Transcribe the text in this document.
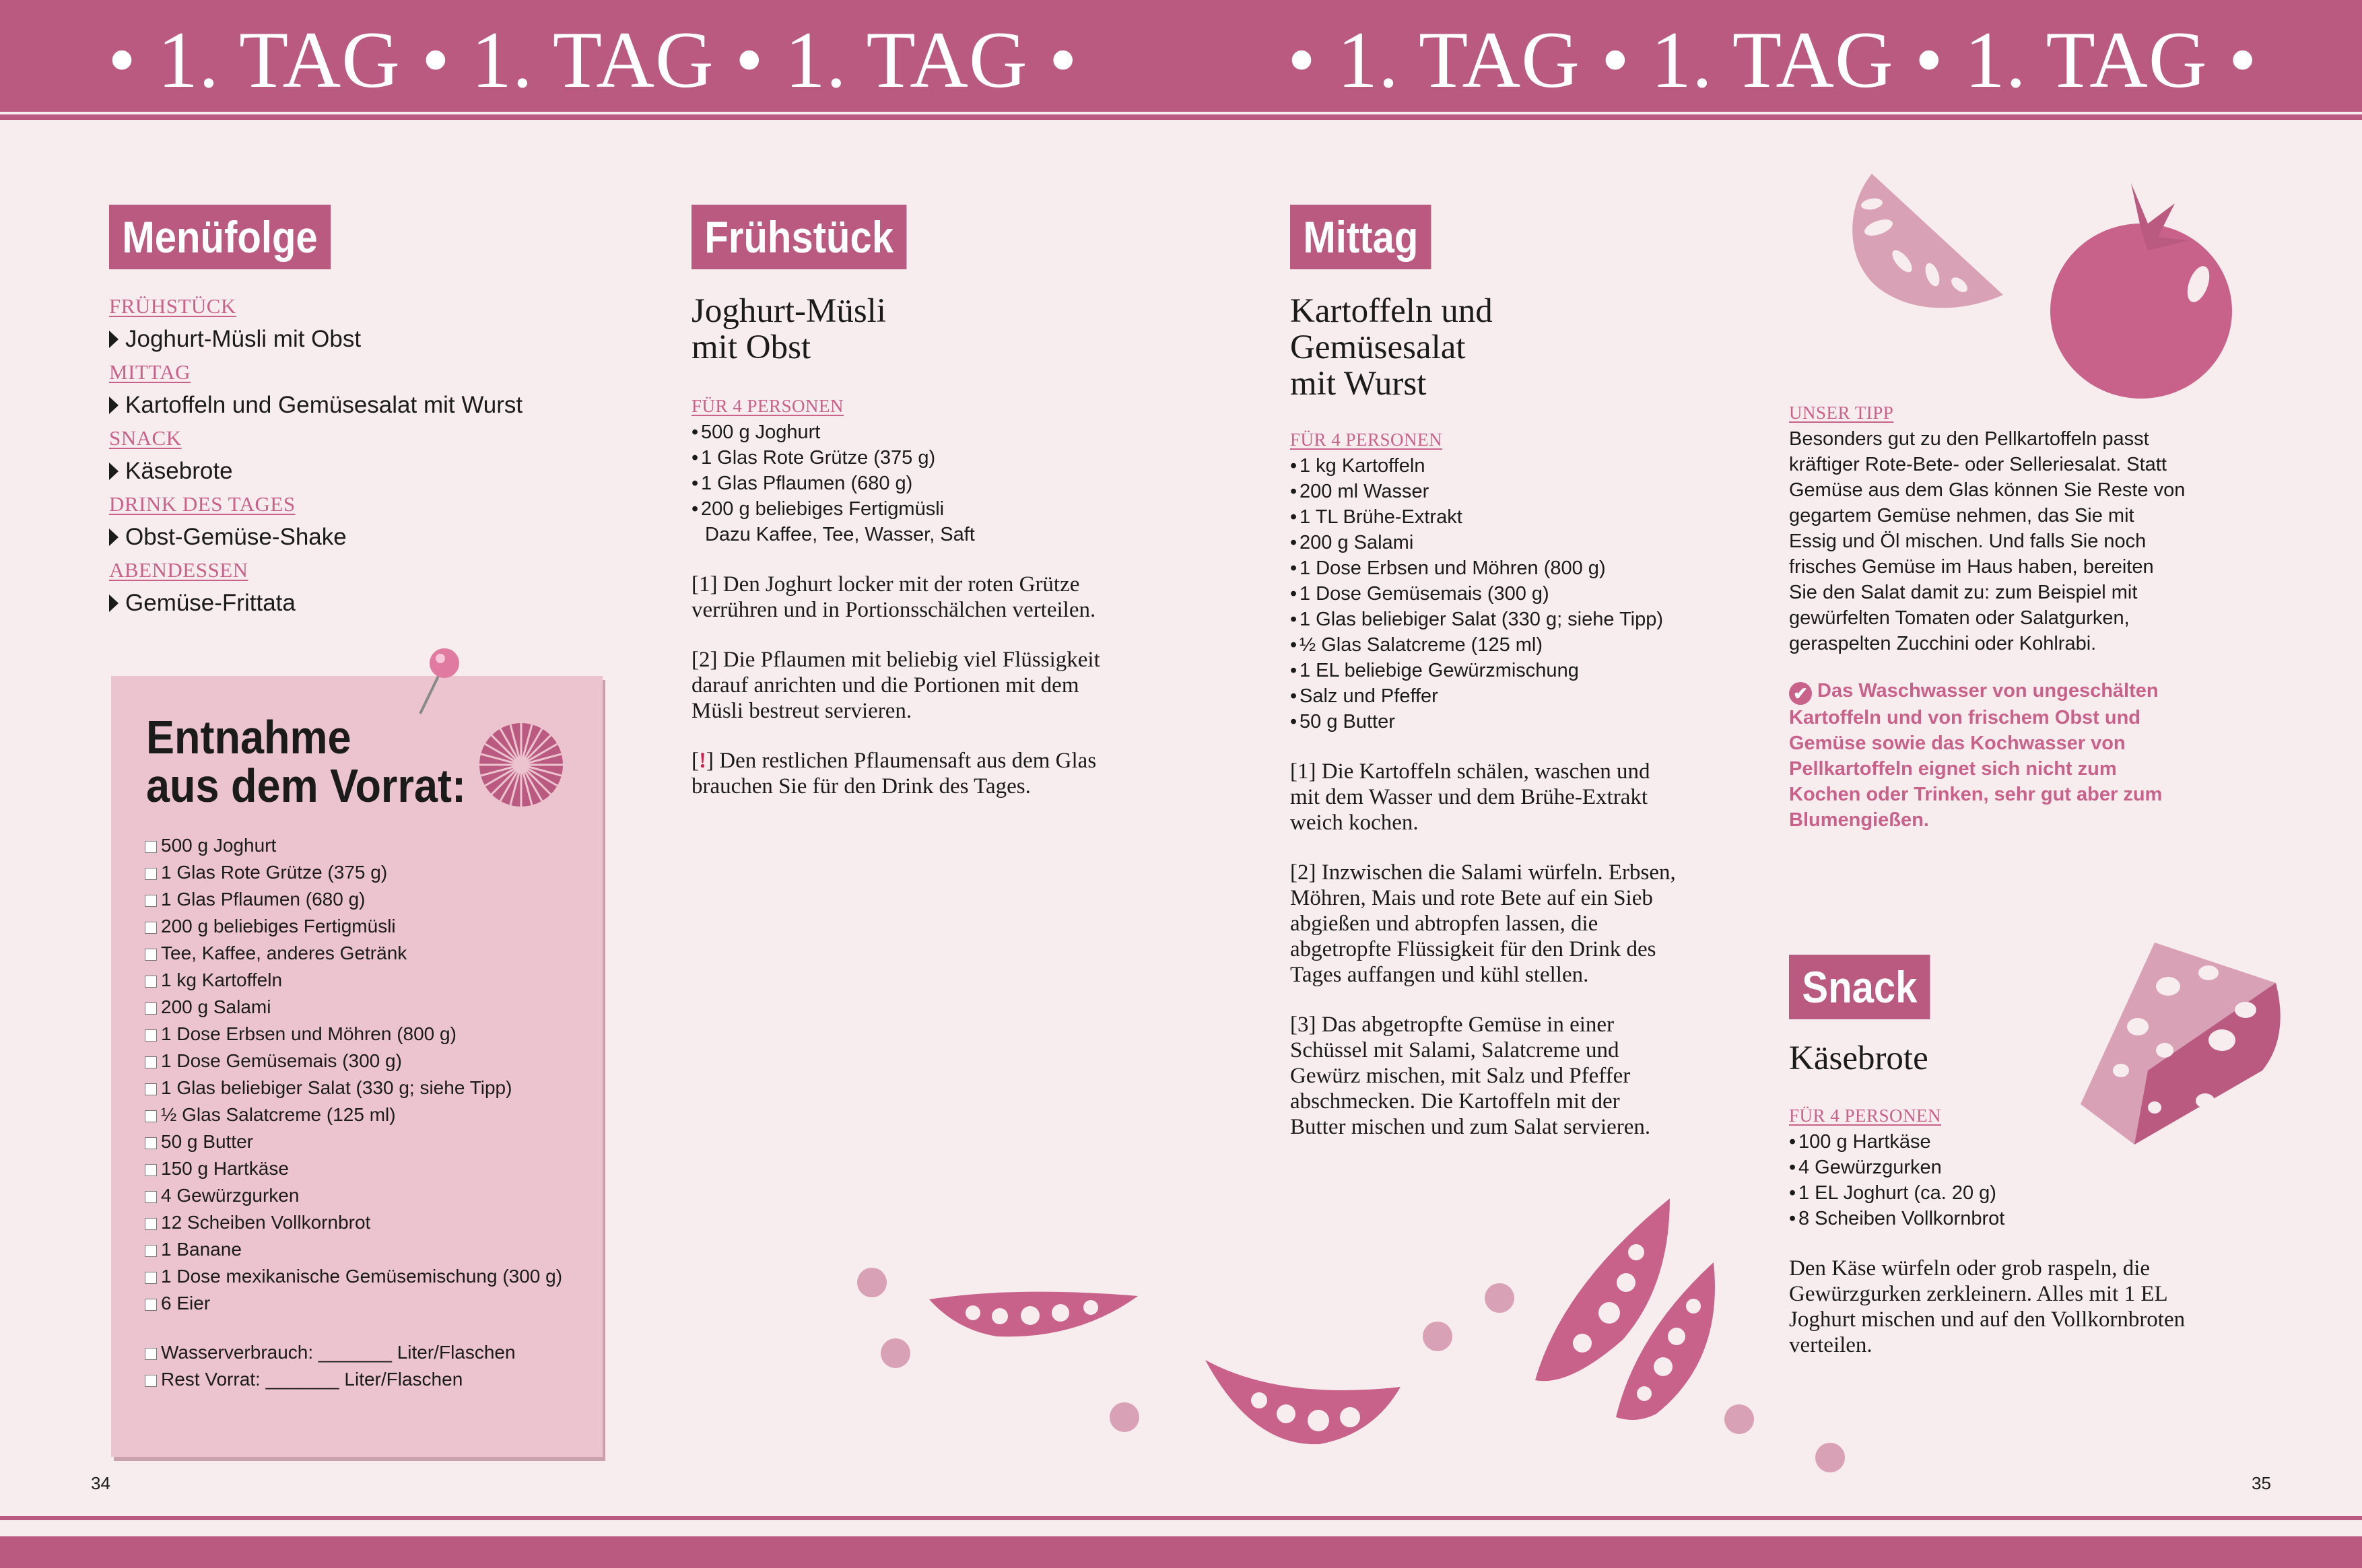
• 1. TAG • 1. TAG • 1. TAG •	• 1. TAG • 1. TAG • 1. TAG •
Menüfolge
FRÜHSTÜCK
Joghurt-Müsli mit Obst
MITTAG
Kartoffeln und Gemüsesalat mit Wurst
SNACK
Käsebrote
DRINK DES TAGES
Obst-Gemüse-Shake
ABENDESSEN
Gemüse-Frittata
Entnahme
aus dem Vorrat:
500 g Joghurt
1 Glas Rote Grütze (375 g)
1 Glas Pflaumen (680 g)
200 g beliebiges Fertigmüsli
Tee, Kaffee, anderes Getränk
1 kg Kartoffeln
200 g Salami
1 Dose Erbsen und Möhren (800 g)
1 Dose Gemüsemais (300 g)
1 Glas beliebiger Salat (330 g; siehe Tipp)
½ Glas Salatcreme (125 ml)
50 g Butter
150 g Hartkäse
4 Gewürzgurken
12 Scheiben Vollkornbrot
1 Banane
1 Dose mexikanische Gemüsemischung (300 g)
6 Eier
Wasserverbrauch: _______ Liter/Flaschen
Rest Vorrat: _______ Liter/Flaschen
Frühstück
Joghurt-Müsli
mit Obst
FÜR 4 PERSONEN
• 500 g Joghurt
• 1 Glas Rote Grütze (375 g)
• 1 Glas Pflaumen (680 g)
• 200 g beliebiges Fertigmüsli
Dazu Kaffee, Tee, Wasser, Saft
[1] Den Joghurt locker mit der roten Grütze verrühren und in Portionsschälchen verteilen.
[2] Die Pflaumen mit beliebig viel Flüssigkeit darauf anrichten und die Portionen mit dem Müsli bestreut servieren.
[!] Den restlichen Pflaumensaft aus dem Glas brauchen Sie für den Drink des Tages.
Mittag
Kartoffeln und
Gemüsesalat
mit Wurst
FÜR 4 PERSONEN
• 1 kg Kartoffeln
• 200 ml Wasser
• 1 TL Brühe-Extrakt
• 200 g Salami
• 1 Dose Erbsen und Möhren (800 g)
• 1 Dose Gemüsemais (300 g)
• 1 Glas beliebiger Salat (330 g; siehe Tipp)
• ½ Glas Salatcreme (125 ml)
• 1 EL beliebige Gewürzmischung
• Salz und Pfeffer
• 50 g Butter
[1] Die Kartoffeln schälen, waschen und mit dem Wasser und dem Brühe-Extrakt weich kochen.
[2] Inzwischen die Salami würfeln. Erbsen, Möhren, Mais und rote Bete auf ein Sieb abgießen und abtropfen lassen, die abgetropfte Flüssigkeit für den Drink des Tages auffangen und kühl stellen.
[3] Das abgetropfte Gemüse in einer Schüssel mit Salami, Salatcreme und Gewürz mischen, mit Salz und Pfeffer abschmecken. Die Kartoffeln mit der Butter mischen und zum Salat servieren.
UNSER TIPP
Besonders gut zu den Pellkartoffeln passt kräftiger Rote-Bete- oder Selleriesalat. Statt Gemüse aus dem Glas können Sie Reste von gegartem Gemüse nehmen, das Sie mit Essig und Öl mischen. Und falls Sie noch frisches Gemüse im Haus haben, bereiten Sie den Salat damit zu: zum Beispiel mit gewürfelten Tomaten oder Salatgurken, geraspelten Zucchini oder Kohlrabi.
✔ Das Waschwasser von ungeschälten Kartoffeln und von frischem Obst und Gemüse sowie das Kochwasser von Pellkartoffeln eignet sich nicht zum Kochen oder Trinken, sehr gut aber zum Blumengießen.
Snack
Käsebrote
FÜR 4 PERSONEN
• 100 g Hartkäse
• 4 Gewürzgurken
• 1 EL Joghurt (ca. 20 g)
• 8 Scheiben Vollkornbrot
Den Käse würfeln oder grob raspeln, die Gewürzgurken zerkleinern. Alles mit 1 EL Joghurt mischen und auf den Vollkornbroten verteilen.
34	35
